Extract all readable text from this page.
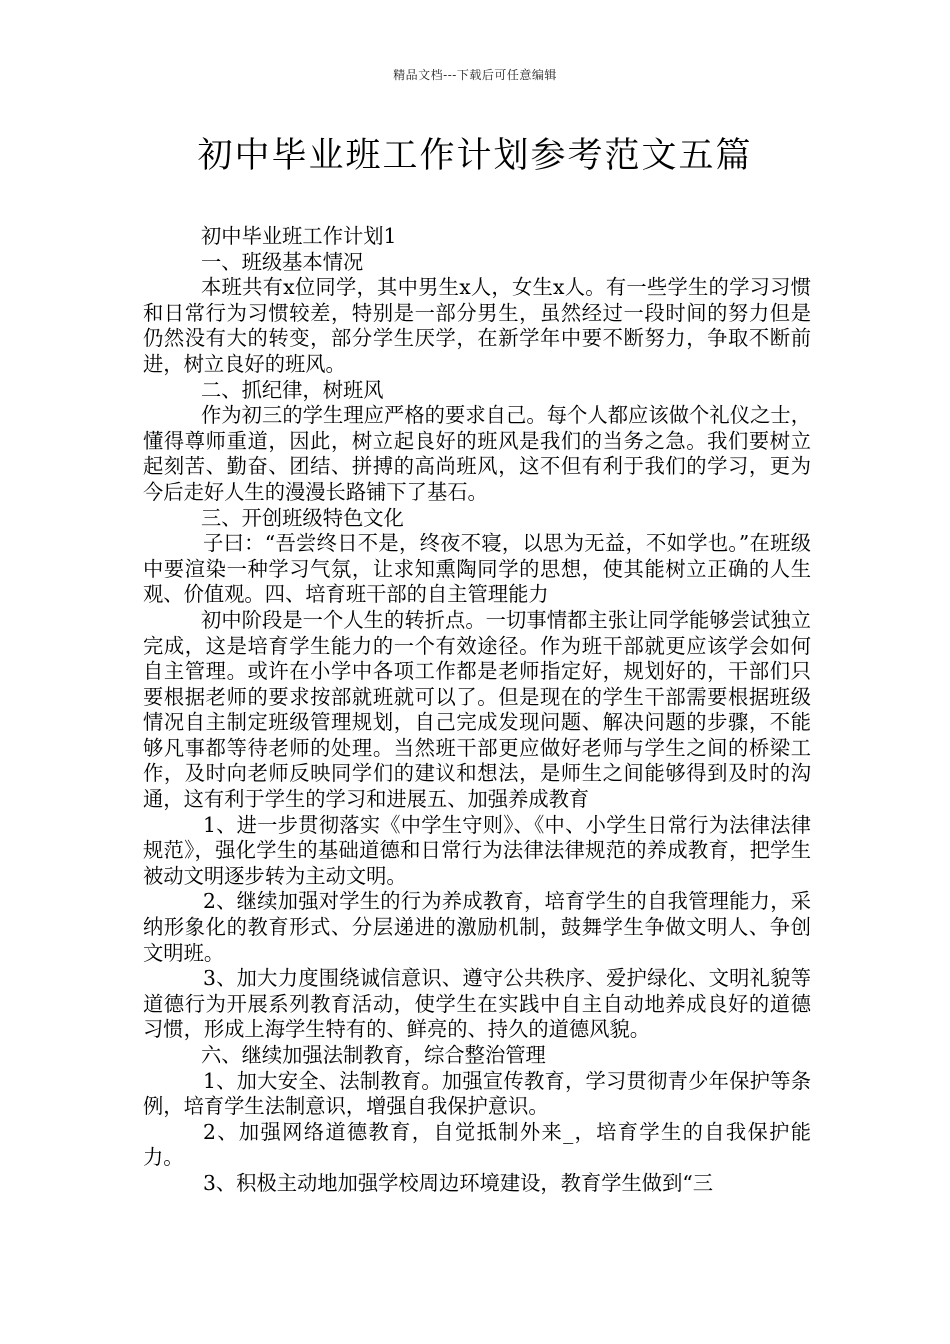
精品文档---下载后可任意编辑
初中毕业班工作计划参考范文五篇

初中毕业班工作计划1

一、班级基本情况

本班共有x位同学，其中男生x人，女生x人。有一些学生的学习习惯和日常行为习惯较差，特别是一部分男生，虽然经过一段时间的努力但是仍然没有大的转变，部分学生厌学，在新学年中要不断努力，争取不断前进，树立良好的班风。

二、抓纪律，树班风

作为初三的学生理应严格的要求自己。每个人都应该做个礼仪之士，懂得尊师重道，因此，树立起良好的班风是我们的当务之急。我们要树立起刻苦、勤奋、团结、拼搏的高尚班风，这不但有利于我们的学习，更为今后走好人生的漫漫长路铺下了基石。

三、开创班级特色文化

子曰：“吾尝终日不是，终夜不寝，以思为无益，不如学也。”在班级中要渲染一种学习气氛，让求知熏陶同学的思想，使其能树立正确的人生观、价值观。四、培育班干部的自主管理能力

初中阶段是一个人生的转折点。一切事情都主张让同学能够尝试独立完成，这是培育学生能力的一个有效途径。作为班干部就更应该学会如何自主管理。或许在小学中各项工作都是老师指定好，规划好的，干部们只要根据老师的要求按部就班就可以了。但是现在的学生干部需要根据班级情况自主制定班级管理规划，自己完成发现问题、解决问题的步骤，不能够凡事都等待老师的处理。当然班干部更应做好老师与学生之间的桥梁工作，及时向老师反映同学们的建议和想法，是师生之间能够得到及时的沟通，这有利于学生的学习和进展五、加强养成教育

1、进一步贯彻落实《中学生守则》、《中、小学生日常行为法律法律规范》，强化学生的基础道德和日常行为法律法律规范的养成教育，把学生被动文明逐步转为主动文明。

2、继续加强对学生的行为养成教育，培育学生的自我管理能力，采纳形象化的教育形式、分层递进的激励机制，鼓舞学生争做文明人、争创文明班。

3、加大力度围绕诚信意识、遵守公共秩序、爱护绿化、文明礼貌等道德行为开展系列教育活动，使学生在实践中自主自动地养成良好的道德习惯，形成上海学生特有的、鲜亮的、持久的道德风貌。

六、继续加强法制教育，综合整治管理

1、加大安全、法制教育。加强宣传教育，学习贯彻青少年保护等条例，培育学生法制意识，增强自我保护意识。

2、加强网络道德教育，自觉抵制外来_，培育学生的自我保护能力。

3、积极主动地加强学校周边环境建设，教育学生做到“三
